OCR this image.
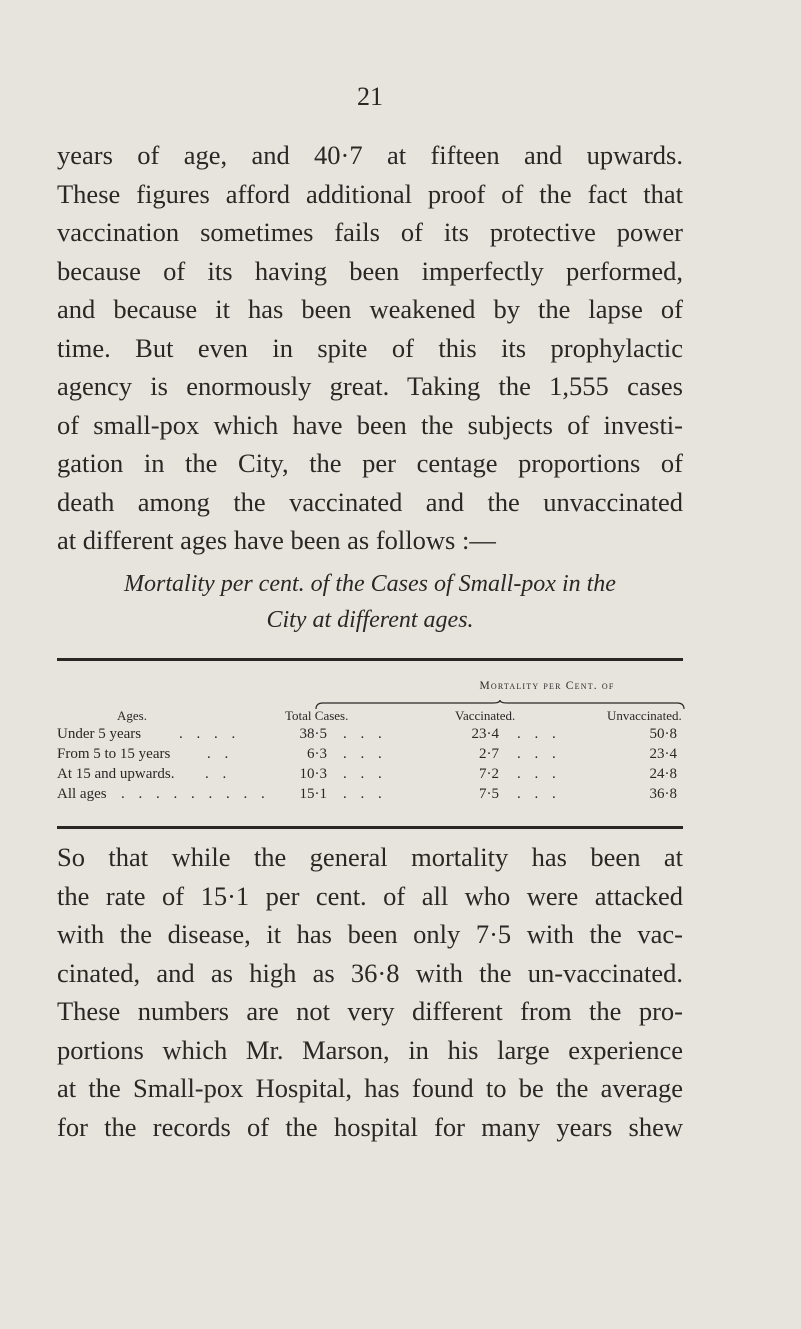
21
years of age, and 40·7 at fifteen and upwards.
These figures afford additional proof of the fact that
vaccination sometimes fails of its protective power
because of its having been imperfectly performed,
and because it has been weakened by the lapse of
time. But even in spite of this its prophylactic
agency is enormously great. Taking the 1,555 cases
of small-pox which have been the subjects of investi-
gation in the City, the per centage proportions of
death among the vaccinated and the unvaccinated
at different ages have been as follows :—
Mortality per cent. of the Cases of Small-pox in the
City at different ages.
Mortality per Cent. of
Ages.	Total Cases.	Vaccinated.	Unvaccinated.
Under 5 years	. . . .	38·5 . . .	23·4 . . .	50·8
From 5 to 15 years . .	6·3 . . .	2·7 . . .	23·4
At 15 and upwards. . .	10·3 . . .	7·2 . . .	24·8
All ages . . . . . . . . .	15·1 . . .	7·5 . . .	36·8
So that while the general mortality has been at
the rate of 15·1 per cent. of all who were attacked
with the disease, it has been only 7·5 with the vac-
cinated, and as high as 36·8 with the un-vaccinated.
These numbers are not very different from the pro-
portions which Mr. Marson, in his large experience
at the Small-pox Hospital, has found to be the average
for the records of the hospital for many years shew
